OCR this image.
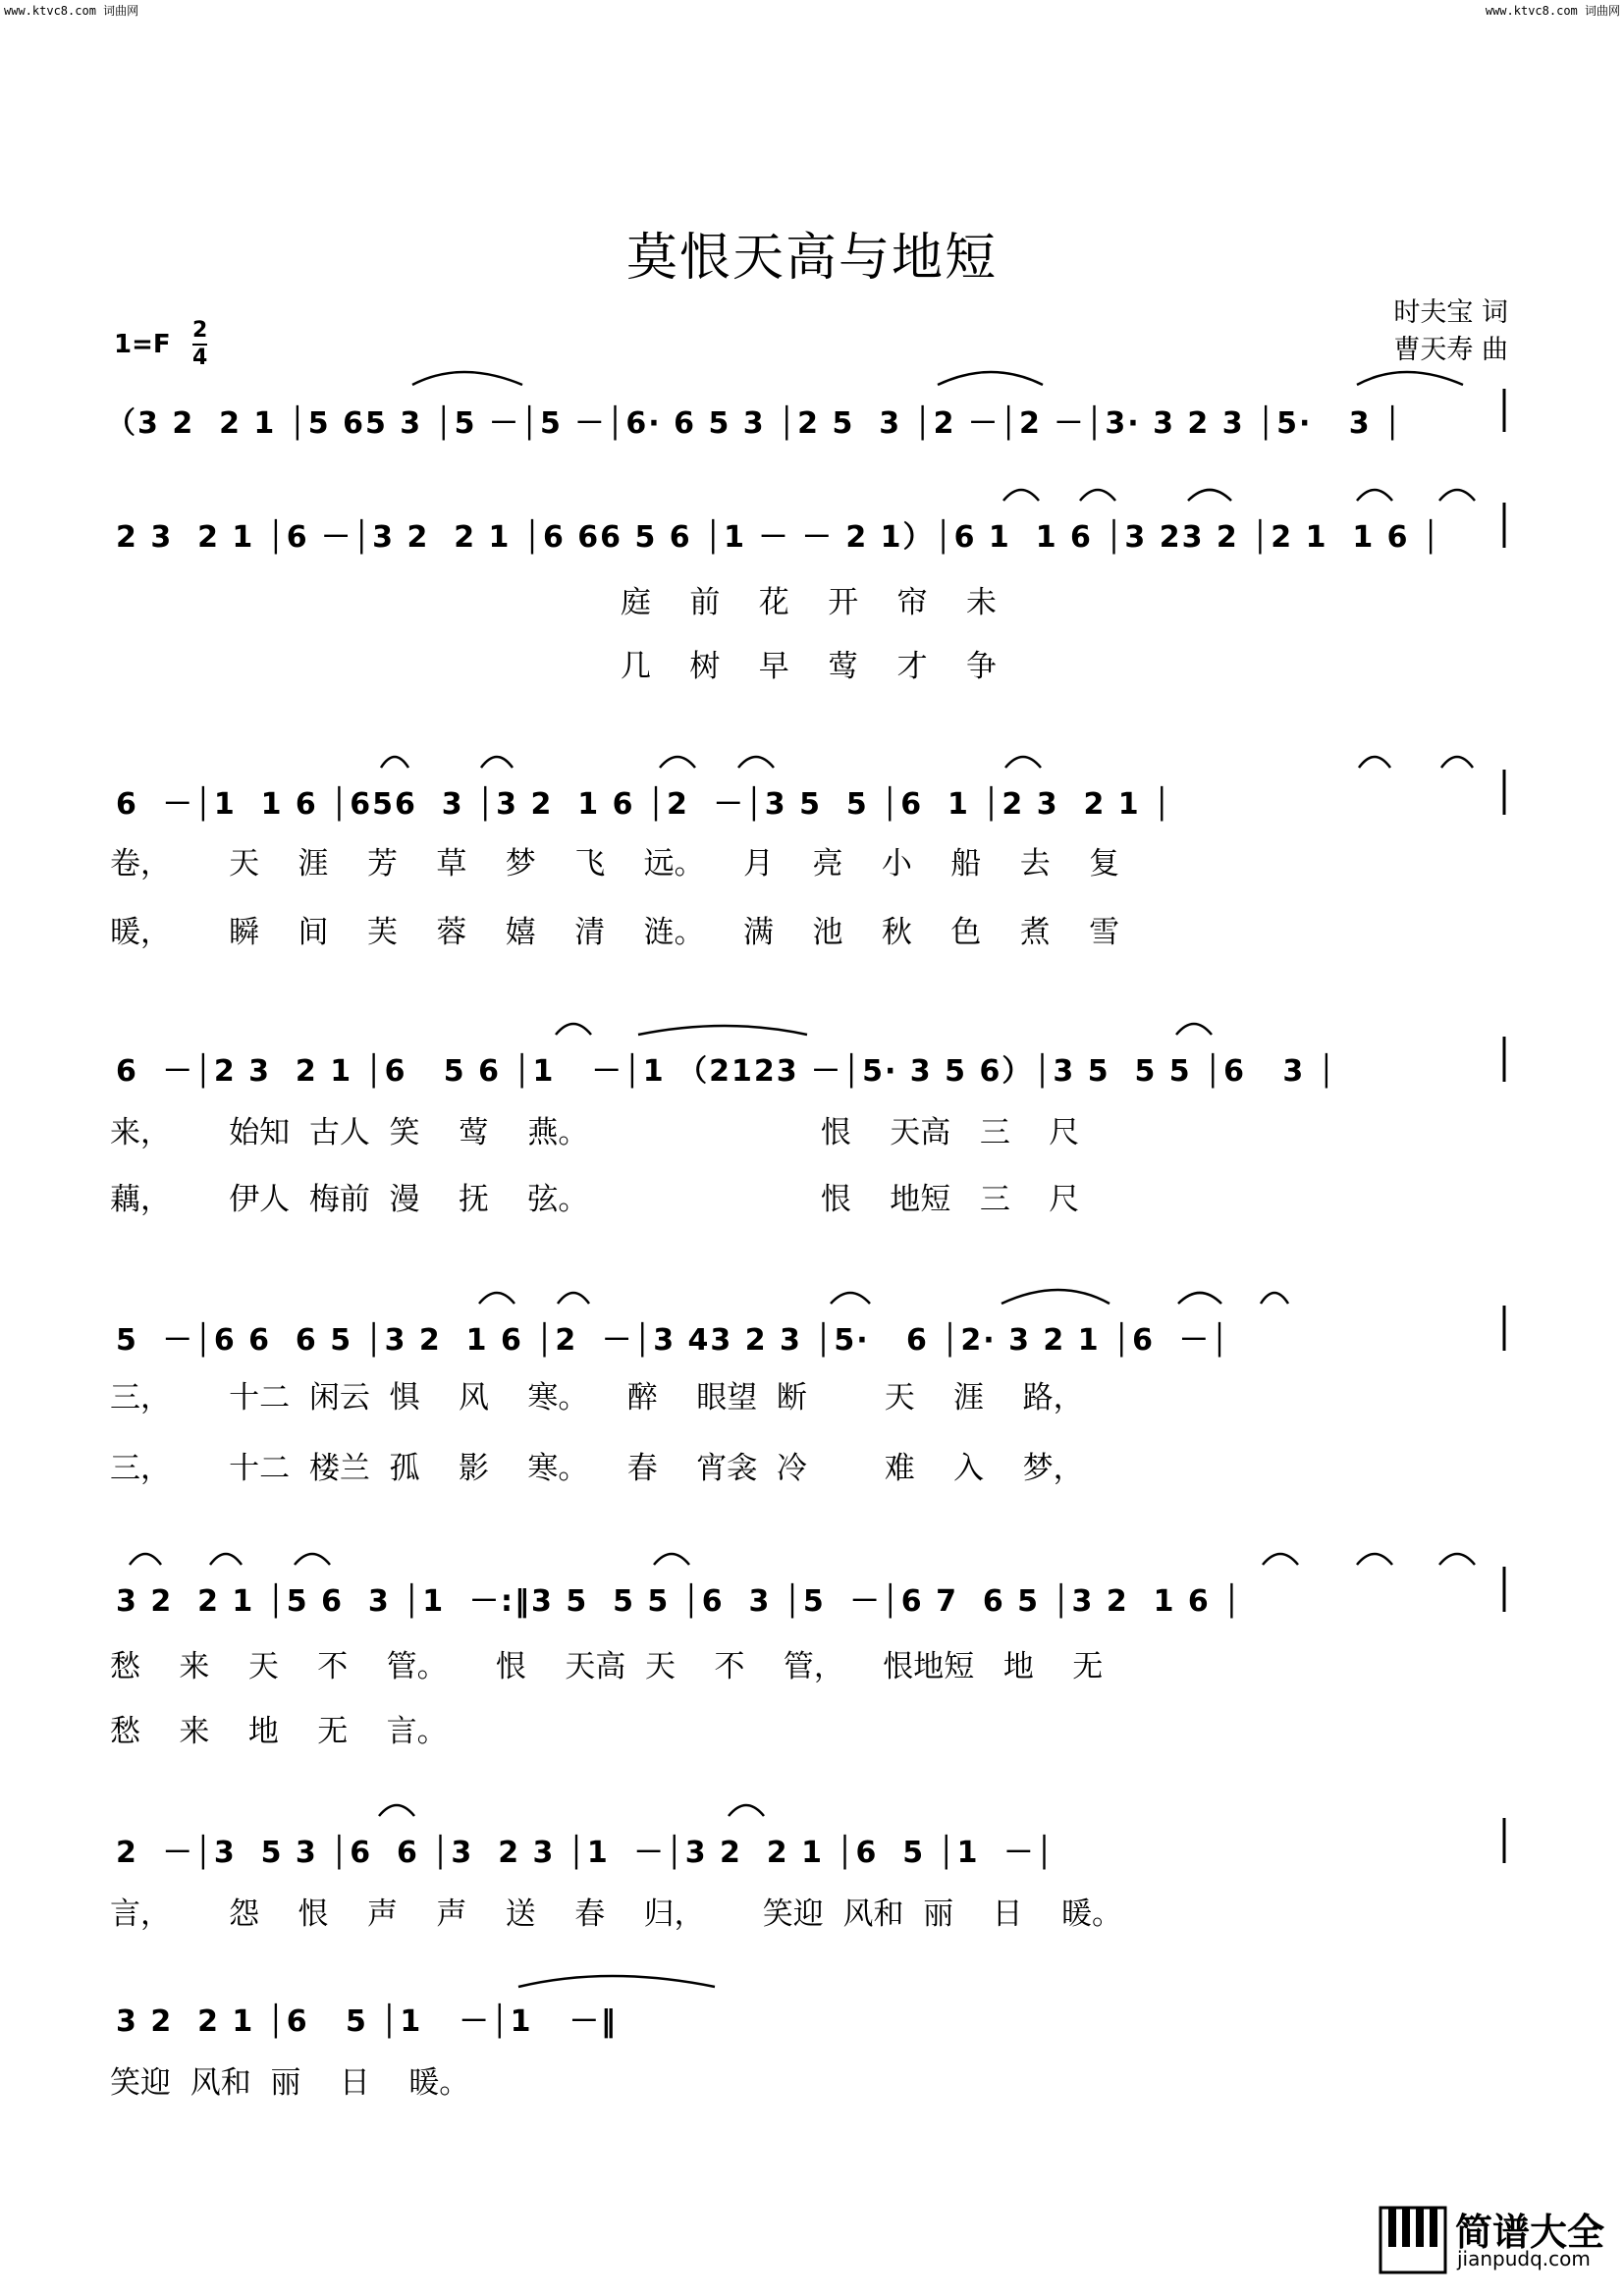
www.ktvc8.com 词曲网	www.ktvc8.com 词曲网
莫恨天高与地短
时夫宝 词
曹天寿 曲
$1=F \frac{2}{4}$
（3 2  2 1 │5 65 3 │5 －│5 －│6· 6 5 3 │2 5  3 │2 －│2 －│3· 3 2 3 │5·   3 │
2 3  2 1 │6 －│3 2  2 1 │6 66 5 6 │1 － － 2 1）│6 1  1 6 │3 23 2 │2 1  1 6 │
庭    前    花    开    帘    未
几    树    早    莺    才    争
6  －│1  1 6 │656  3 │3 2  1 6 │2  －│3 5  5 │6  1 │2 3  2 1 │
卷，      天    涯    芳    草    梦    飞    远。    月    亮    小    船    去    复
暖，      瞬    间    芙    蓉    嬉    清    涟。    满    池    秋    色    煮    雪
6  －│2 3  2 1 │6   5 6 │1   －│1 （2123 －│5· 3 5 6）│3 5  5 5 │6   3 │
来，      始知  古人  笑    莺    燕。                        恨    天高   三    尺
藕，      伊人  梅前  漫    抚    弦。                        恨    地短   三    尺
5  －│6 6  6 5 │3 2  1 6 │2  －│3 43 2 3 │5·   6 │2· 3 2 1 │6  －│
三，      十二  闲云  惧    风    寒。    醉    眼望  断        天    涯    路，
三，      十二  楼兰  孤    影    寒。    春    宵衾  冷        难    入    梦，
3 2  2 1 │5 6  3 │1  －:‖3 5  5 5 │6  3 │5  －│6 7  6 5 │3 2  1 6 │
愁    来    天    不    管。     恨    天高  天    不    管，    恨地短   地    无
愁    来    地    无    言。
2  －│3  5 3 │6  6 │3  2 3 │1  －│3 2  2 1 │6  5 │1  －│
言，      怨    恨    声    声    送    春    归，      笑迎  风和  丽    日    暖。
3 2  2 1 │6   5 │1   －│1   －‖
笑迎  风和  丽    日    暖。
简谱大全
jianpudq.com
